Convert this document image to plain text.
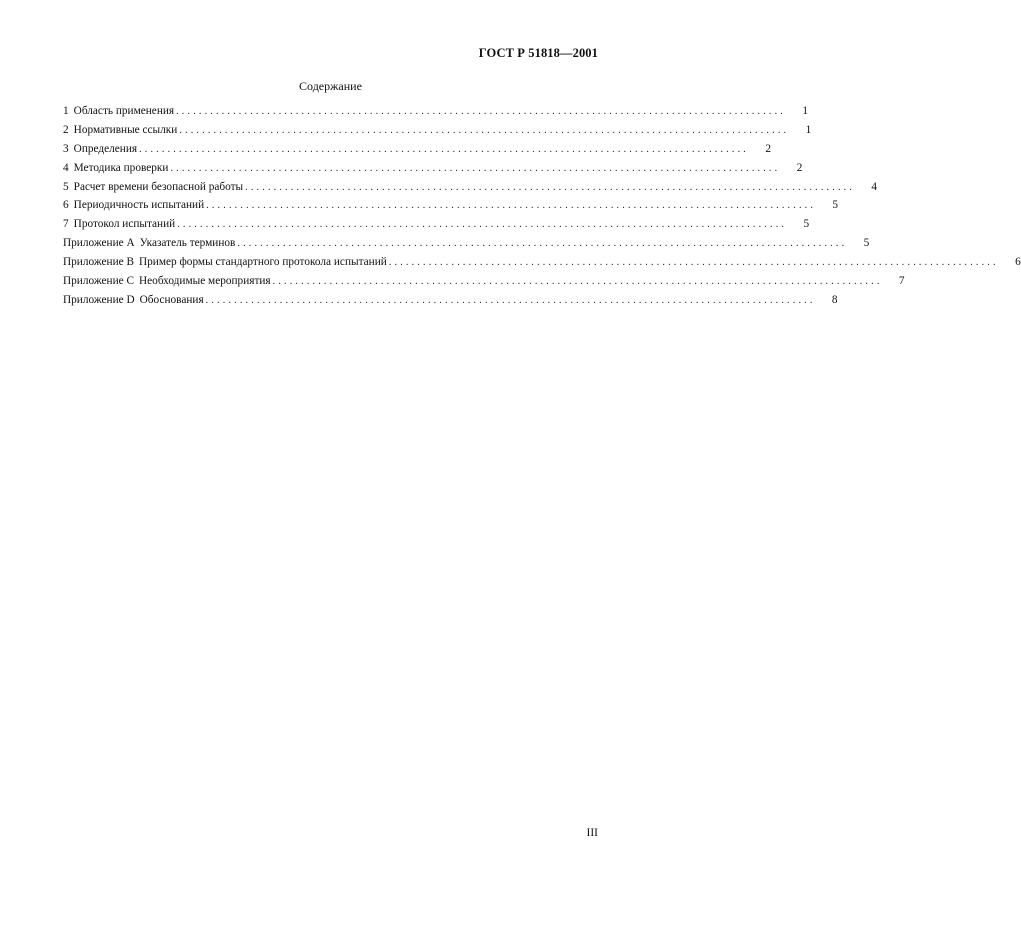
ГОСТ Р 51818—2001
Содержание
1 Область применения ...........................................................................................................	1
2 Нормативные ссылки ...........................................................................................................	1
3 Определения ...........................................................................................................	2
4 Методика проверки ...........................................................................................................	2
5 Расчет времени безопасной работы ...........................................................................................................	4
6 Периодичность испытаний ...........................................................................................................	5
7 Протокол испытаний ...........................................................................................................	5
Приложение А Указатель терминов ...........................................................................................................	5
Приложение В Пример формы стандартного протокола испытаний ...........................................................................................................	6
Приложение С Необходимые мероприятия ...........................................................................................................	7
Приложение D Обоснования ...........................................................................................................	8
III
